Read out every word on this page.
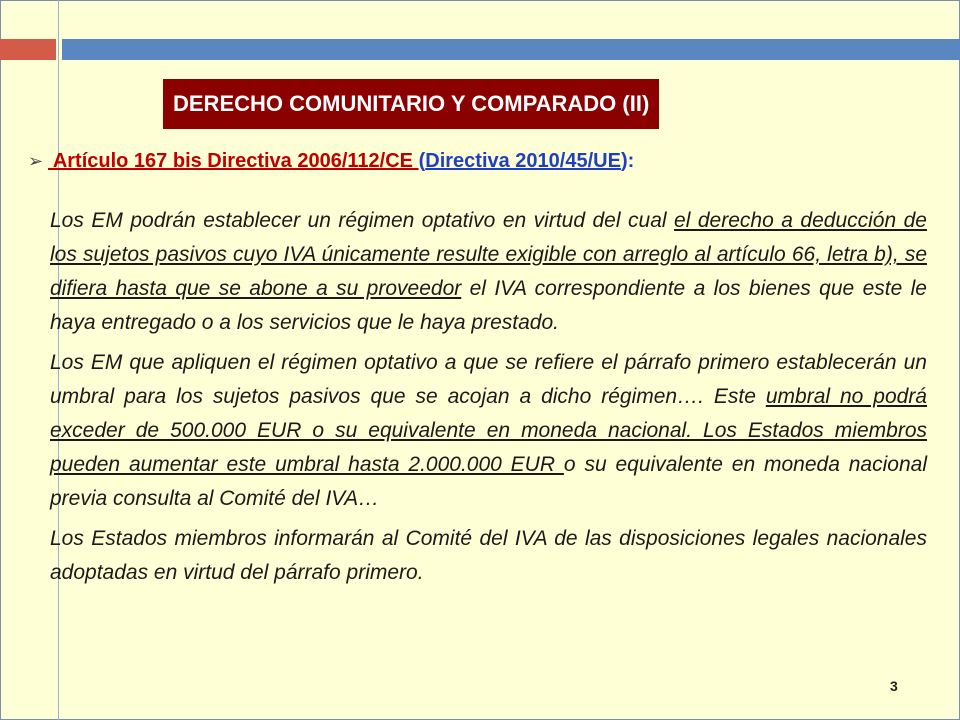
DERECHO COMUNITARIO Y COMPARADO (II)
➢ Artículo 167 bis Directiva 2006/112/CE (Directiva 2010/45/UE):

Los EM podrán establecer un régimen optativo en virtud del cual el derecho a deducción de los sujetos pasivos cuyo IVA únicamente resulte exigible con arreglo al artículo 66, letra b), se difiera hasta que se abone a su proveedor el IVA correspondiente a los bienes que este le haya entregado o a los servicios que le haya prestado.

Los EM que apliquen el régimen optativo a que se refiere el párrafo primero establecerán un umbral para los sujetos pasivos que se acojan a dicho régimen…. Este umbral no podrá exceder de 500.000 EUR o su equivalente en moneda nacional. Los Estados miembros pueden aumentar este umbral hasta 2.000.000 EUR o su equivalente en moneda nacional previa consulta al Comité del IVA…

Los Estados miembros informarán al Comité del IVA de las disposiciones legales nacionales adoptadas en virtud del párrafo primero.

3
